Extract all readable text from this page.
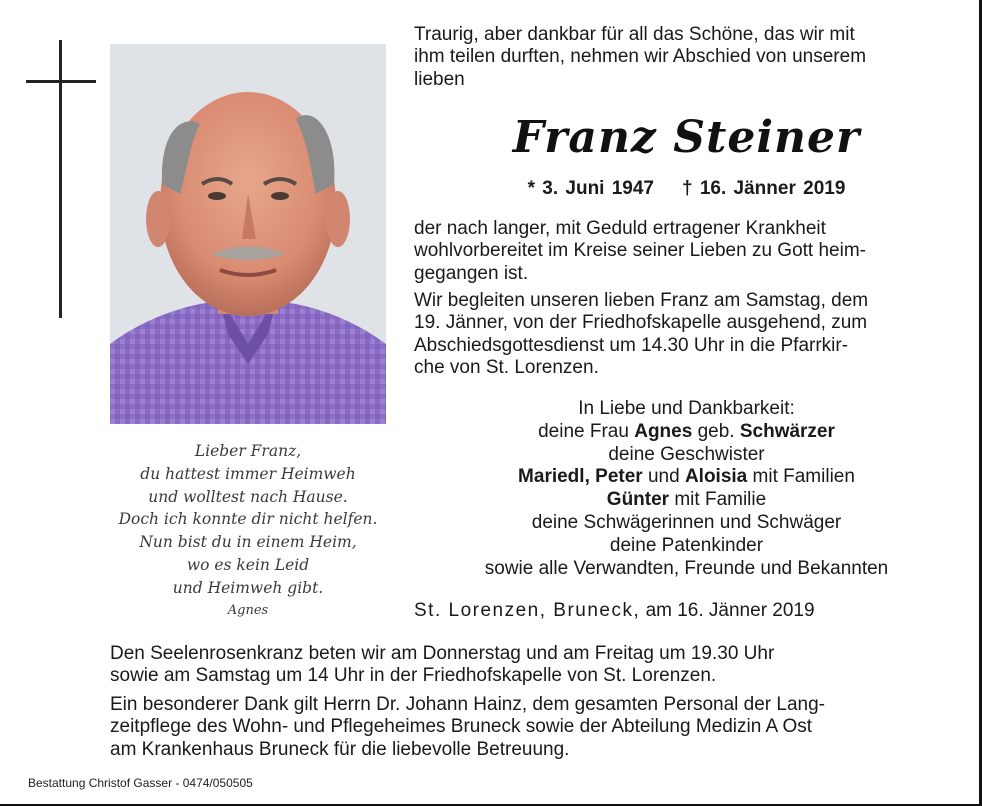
Lieber Franz,
du hattest immer Heimweh
und wolltest nach Hause.
Doch ich konnte dir nicht helfen.
Nun bist du in einem Heim,
wo es kein Leid
und Heimweh gibt.
Agnes
Traurig, aber dankbar für all das Schöne, das wir mit
ihm teilen durften, nehmen wir Abschied von unserem
lieben
Franz Steiner
* 3. Juni 1947 † 16. Jänner 2019
der nach langer, mit Geduld ertragener Krankheit
wohlvorbereitet im Kreise seiner Lieben zu Gott heim-
gegangen ist.
Wir begleiten unseren lieben Franz am Samstag, dem
19. Jänner, von der Friedhofskapelle ausgehend, zum
Abschiedsgottesdienst um 14.30 Uhr in die Pfarrkir-
che von St. Lorenzen.
In Liebe und Dankbarkeit:
deine Frau Agnes geb. Schwärzer
deine Geschwister
Mariedl, Peter und Aloisia mit Familien
Günter mit Familie
deine Schwägerinnen und Schwäger
deine Patenkinder
sowie alle Verwandten, Freunde und Bekannten
St. Lorenzen, Bruneck, am 16. Jänner 2019
Den Seelenrosenkranz beten wir am Donnerstag und am Freitag um 19.30 Uhr
sowie am Samstag um 14 Uhr in der Friedhofskapelle von St. Lorenzen.
Ein besonderer Dank gilt Herrn Dr. Johann Hainz, dem gesamten Personal der Lang-
zeitpflege des Wohn- und Pflegeheimes Bruneck sowie der Abteilung Medizin A Ost
am Krankenhaus Bruneck für die liebevolle Betreuung.
Bestattung Christof Gasser - 0474/050505
